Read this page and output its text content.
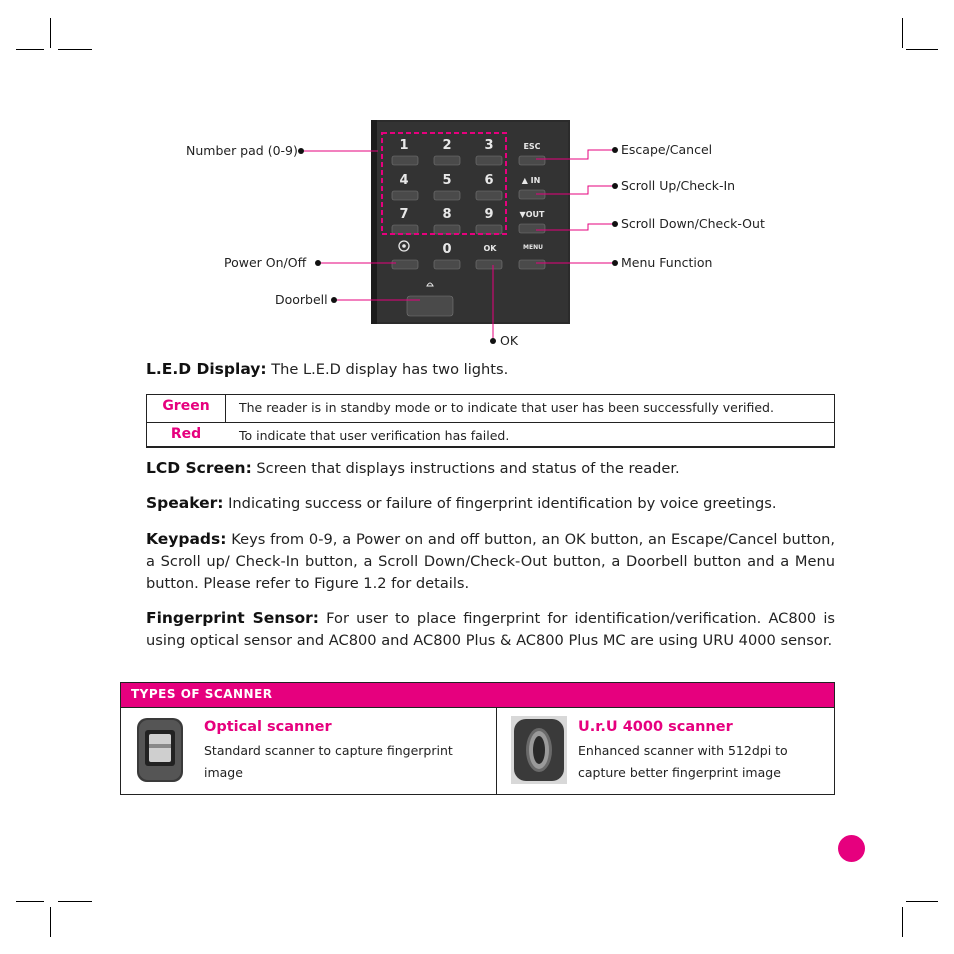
1	2	3
4	5	6
7	8	9
0	OK
ESC
▲ IN
▼OUT
MENU
Number pad (0-9)
Power On/Off
Doorbell
OK
Escape/Cancel
Scroll Up/Check-In
Scroll Down/Check-Out
Menu Function
L.E.D Display: The L.E.D display has two lights.
Green	The reader is in standby mode or to indicate that user has been successfully verified.
Red	To indicate that user verification has failed.
LCD Screen: Screen that displays instructions and status of the reader.
Speaker: Indicating success or failure of fingerprint identification by voice greetings.
Keypads: Keys from 0-9, a Power on and off button, an OK button, an Escape/Cancel button, a Scroll up/ Check-In button, a Scroll Down/Check-Out button, a Doorbell button and a Menu button. Please refer to Figure 1.2 for details.
Fingerprint Sensor: For user to place fingerprint for identification/verification. AC800 is using optical sensor and AC800 and AC800 Plus & AC800 Plus MC are using URU 4000 sensor.
TYPES OF SCANNER
Optical scanner
Standard scanner to capture fingerprint image
U.r.U 4000 scanner
Enhanced scanner with 512dpi to capture better fingerprint image
